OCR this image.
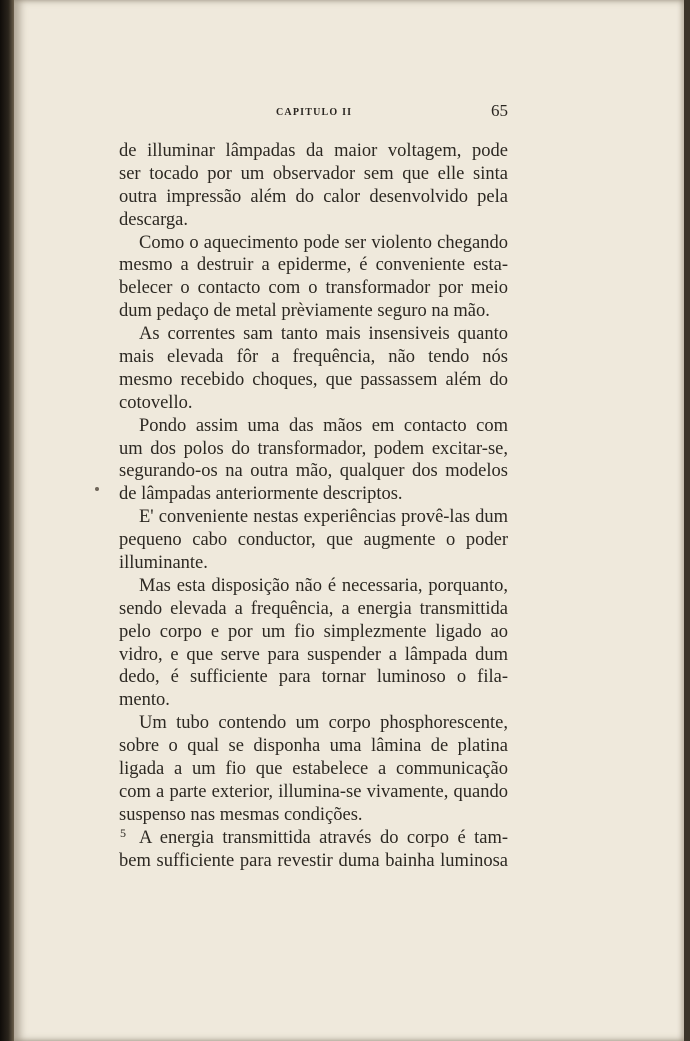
CAPITULO II	65
de illuminar lâmpadas da maior voltagem, pode
ser tocado por um observador sem que elle sinta
outra impressão além do calor desenvolvido pela
descarga.
Como o aquecimento pode ser violento chegando
mesmo a destruir a epiderme, é conveniente esta-
belecer o contacto com o transformador por meio
dum pedaço de metal prèviamente seguro na mão.
As correntes sam tanto mais insensiveis quanto
mais elevada fôr a frequência, não tendo nós
mesmo recebido choques, que passassem além do
cotovello.
Pondo assim uma das mãos em contacto com
um dos polos do transformador, podem excitar-se,
segurando-os na outra mão, qualquer dos modelos
de lâmpadas anteriormente descriptos.
E' conveniente nestas experiências provê-las dum
pequeno cabo conductor, que augmente o poder
illuminante.
Mas esta disposição não é necessaria, porquanto,
sendo elevada a frequência, a energia transmittida
pelo corpo e por um fio simplezmente ligado ao
vidro, e que serve para suspender a lâmpada dum
dedo, é sufficiente para tornar luminoso o fila-
mento.
Um tubo contendo um corpo phosphorescente,
sobre o qual se disponha uma lâmina de platina
ligada a um fio que estabelece a communicação
com a parte exterior, illumina-se vivamente, quando
suspenso nas mesmas condições.
A energia transmittida através do corpo é tam-
bem sufficiente para revestir duma bainha luminosa
5
